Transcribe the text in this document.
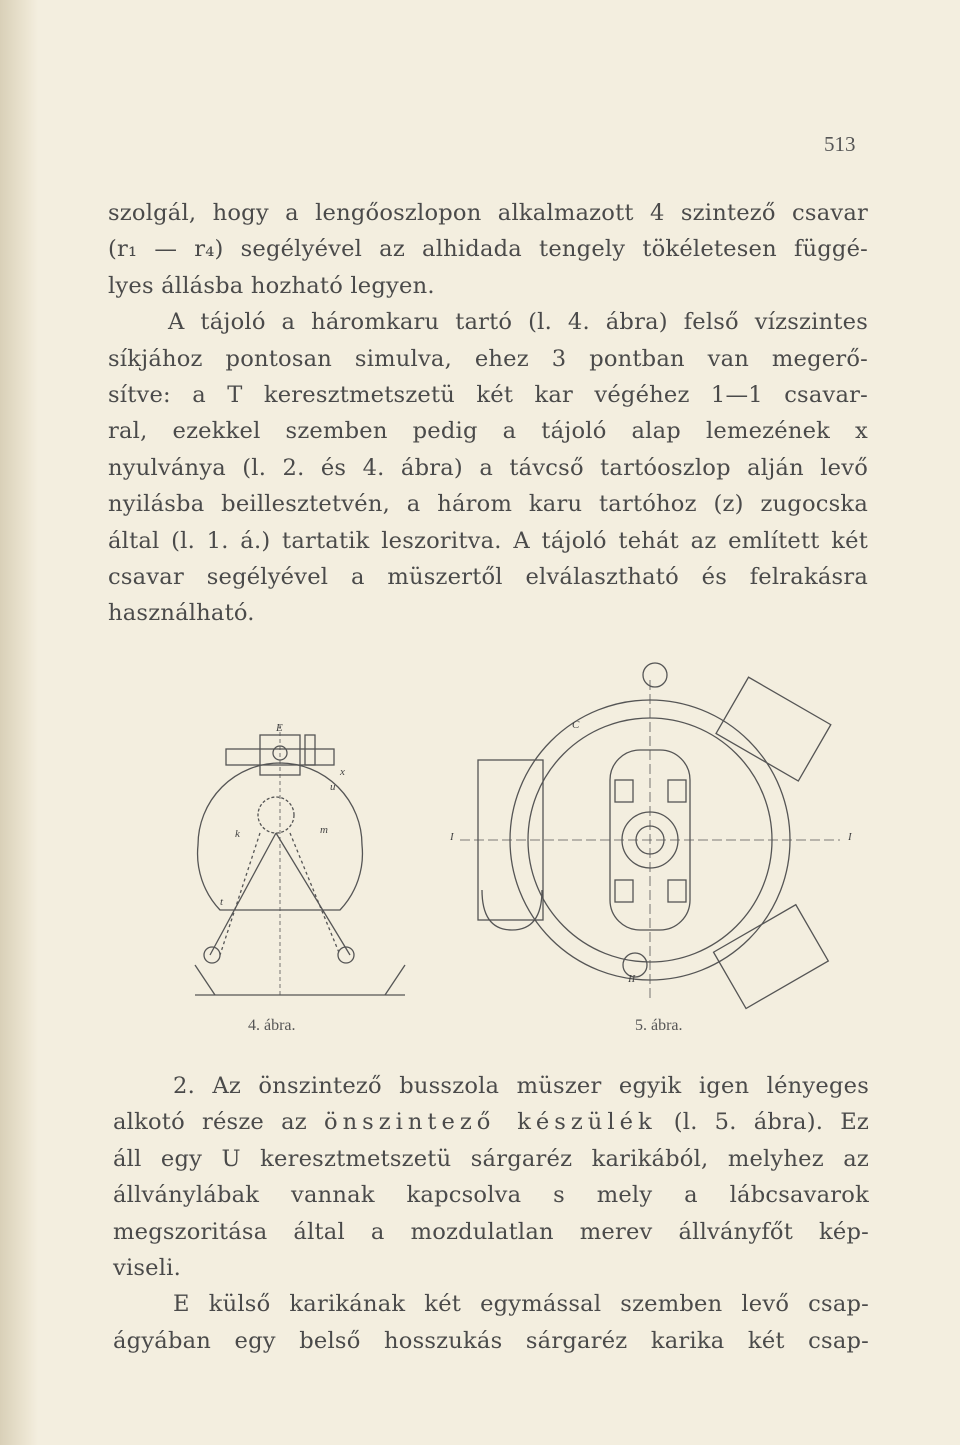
513
szolgál, hogy a lengőoszlopon alkalmazott 4 szintező csavar
(r₁ — r₄) segélyével az alhidada tengely tökéletesen függé-
lyes állásba hozható legyen.
A tájoló a háromkaru tartó (l. 4. ábra) felső vízszintes
síkjához pontosan simulva, ehez 3 pontban van megerő-
sítve: a T keresztmetszetü két kar végéhez 1—1 csavar-
ral, ezekkel szemben pedig a tájoló alap lemezének x
nyulványa (l. 2. és 4. ábra) a távcső tartóoszlop alján levő
nyilásba beillesztetvén, a három karu tartóhoz (z) zugocska
által (l. 1. á.) tartatik leszoritva. A tájoló tehát az említett két
csavar segélyével a müszertől elválasztható és felrakásra
használható.
E
x
u
k	m
t
C
I	I
II
4. ábra.	5. ábra.
2. Az önszintező busszola müszer egyik igen lényeges
alkotó része az önszintező készülék (l. 5. ábra). Ez
áll egy U keresztmetszetü sárgaréz karikából, melyhez az
állványlábak vannak kapcsolva s mely a lábcsavarok
megszoritása által a mozdulatlan merev állványfőt kép-
viseli.
E külső karikának két egymással szemben levő csap-
ágyában egy belső hosszukás sárgaréz karika két csap-
